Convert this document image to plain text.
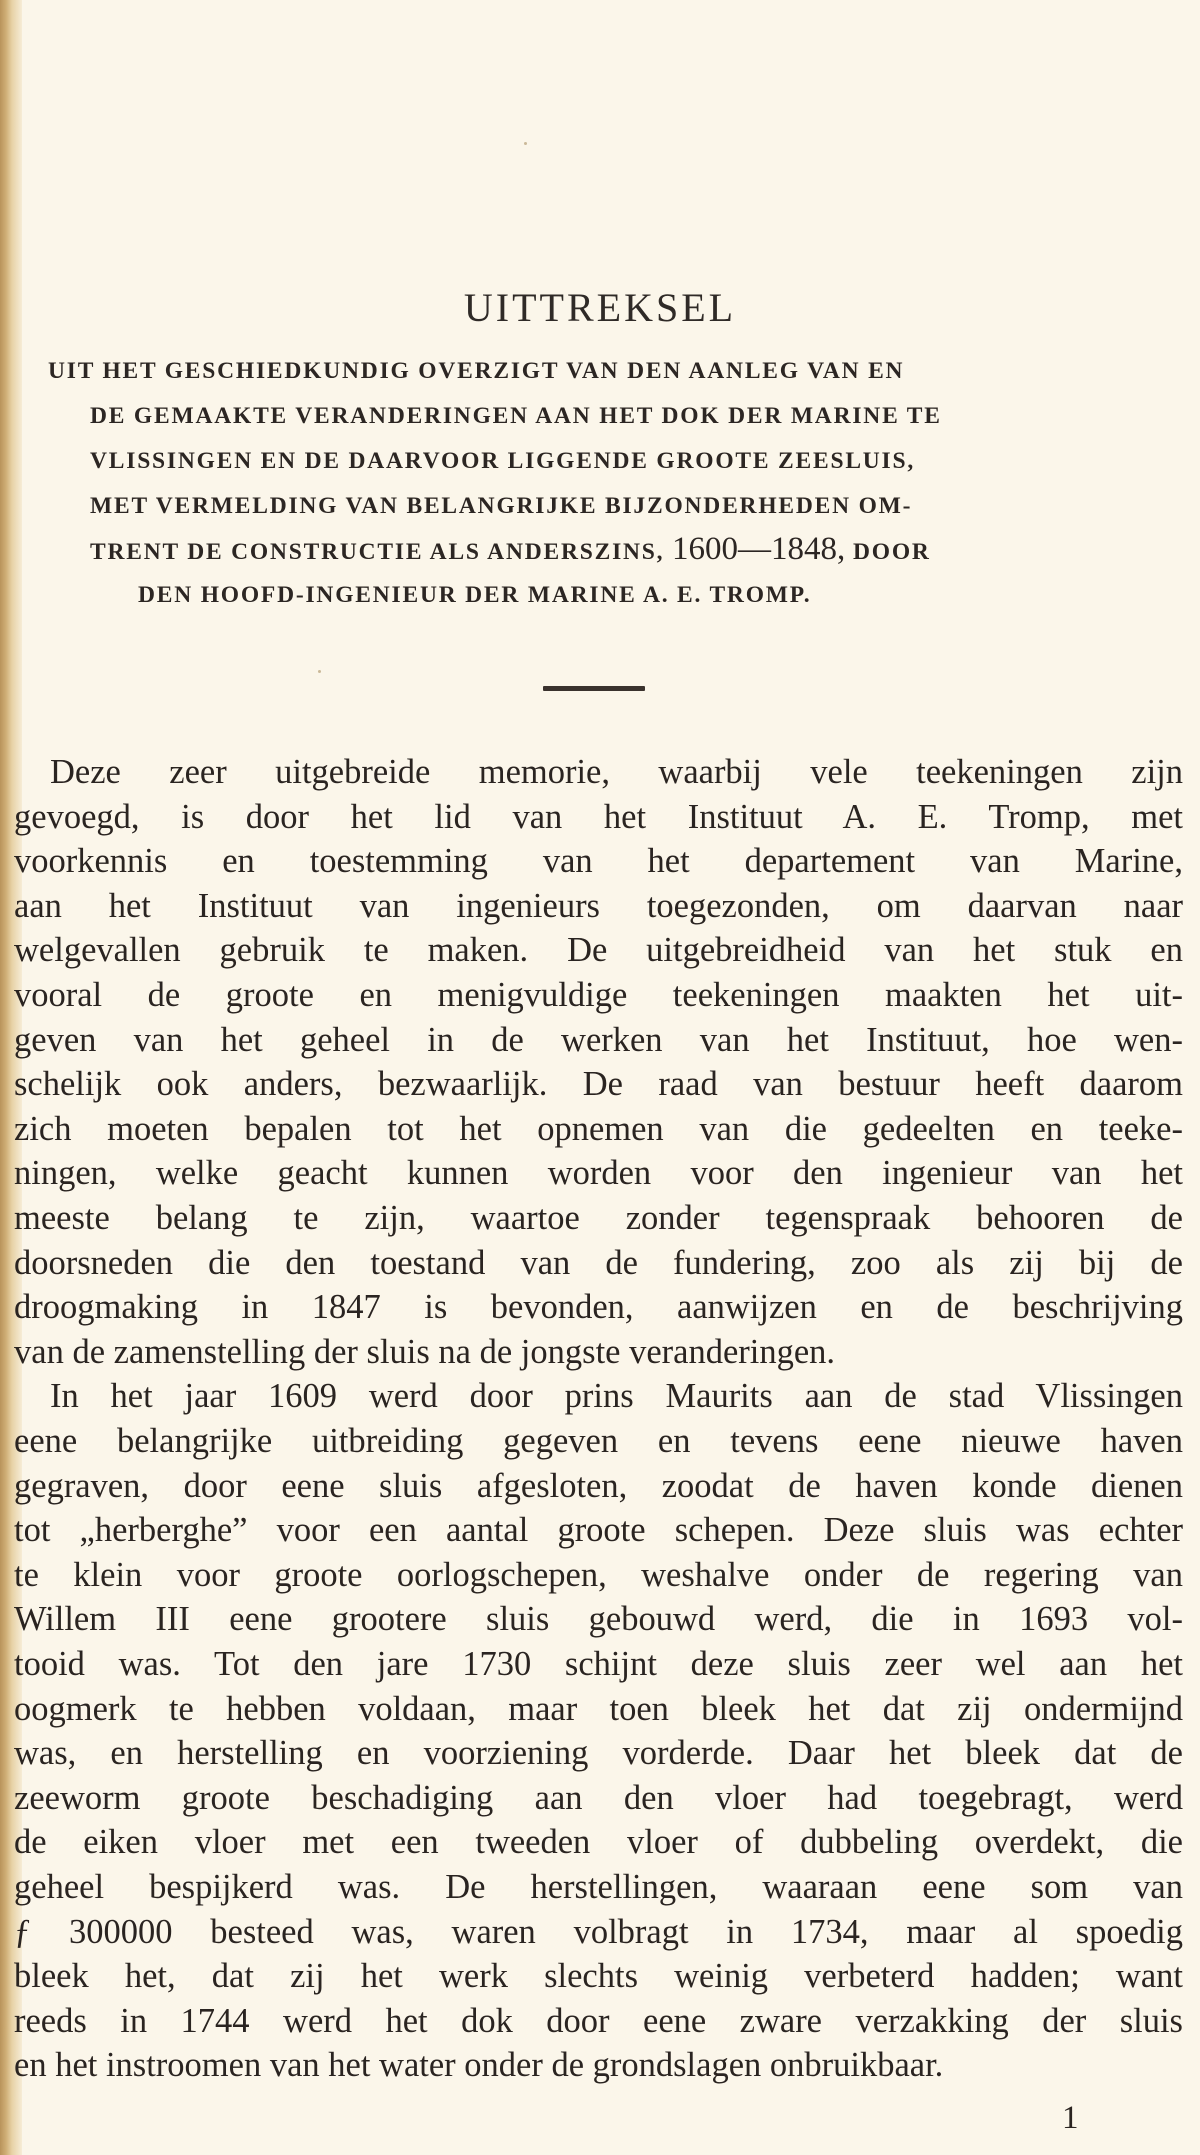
UITTREKSEL
UIT HET GESCHIEDKUNDIG OVERZIGT VAN DEN AANLEG VAN EN
DE GEMAAKTE VERANDERINGEN AAN HET DOK DER MARINE TE
VLISSINGEN EN DE DAARVOOR LIGGENDE GROOTE ZEESLUIS,
MET VERMELDING VAN BELANGRIJKE BIJZONDERHEDEN OM-
TRENT DE CONSTRUCTIE ALS ANDERSZINS, 1600—1848, DOOR
DEN HOOFD-INGENIEUR DER MARINE A. E. TROMP.
Deze zeer uitgebreide memorie, waarbij vele teekeningen zijn
gevoegd, is door het lid van het Instituut A. E. Tromp, met
voorkennis en toestemming van het departement van Marine,
aan het Instituut van ingenieurs toegezonden, om daarvan naar
welgevallen gebruik te maken. De uitgebreidheid van het stuk en
vooral de groote en menigvuldige teekeningen maakten het uit-
geven van het geheel in de werken van het Instituut, hoe wen-
schelijk ook anders, bezwaarlijk. De raad van bestuur heeft daarom
zich moeten bepalen tot het opnemen van die gedeelten en teeke-
ningen, welke geacht kunnen worden voor den ingenieur van het
meeste belang te zijn, waartoe zonder tegenspraak behooren de
doorsneden die den toestand van de fundering, zoo als zij bij de
droogmaking in 1847 is bevonden, aanwijzen en de beschrijving
van de zamenstelling der sluis na de jongste veranderingen.
In het jaar 1609 werd door prins Maurits aan de stad Vlissingen
eene belangrijke uitbreiding gegeven en tevens eene nieuwe haven
gegraven, door eene sluis afgesloten, zoodat de haven konde dienen
tot „herberghe” voor een aantal groote schepen. Deze sluis was echter
te klein voor groote oorlogschepen, weshalve onder de regering van
Willem III eene grootere sluis gebouwd werd, die in 1693 vol-
tooid was. Tot den jare 1730 schijnt deze sluis zeer wel aan het
oogmerk te hebben voldaan, maar toen bleek het dat zij ondermijnd
was, en herstelling en voorziening vorderde. Daar het bleek dat de
zeeworm groote beschadiging aan den vloer had toegebragt, werd
de eiken vloer met een tweeden vloer of dubbeling overdekt, die
geheel bespijkerd was. De herstellingen, waaraan eene som van
ƒ 300000 besteed was, waren volbragt in 1734, maar al spoedig
bleek het, dat zij het werk slechts weinig verbeterd hadden; want
reeds in 1744 werd het dok door eene zware verzakking der sluis
en het instroomen van het water onder de grondslagen onbruikbaar.
1
